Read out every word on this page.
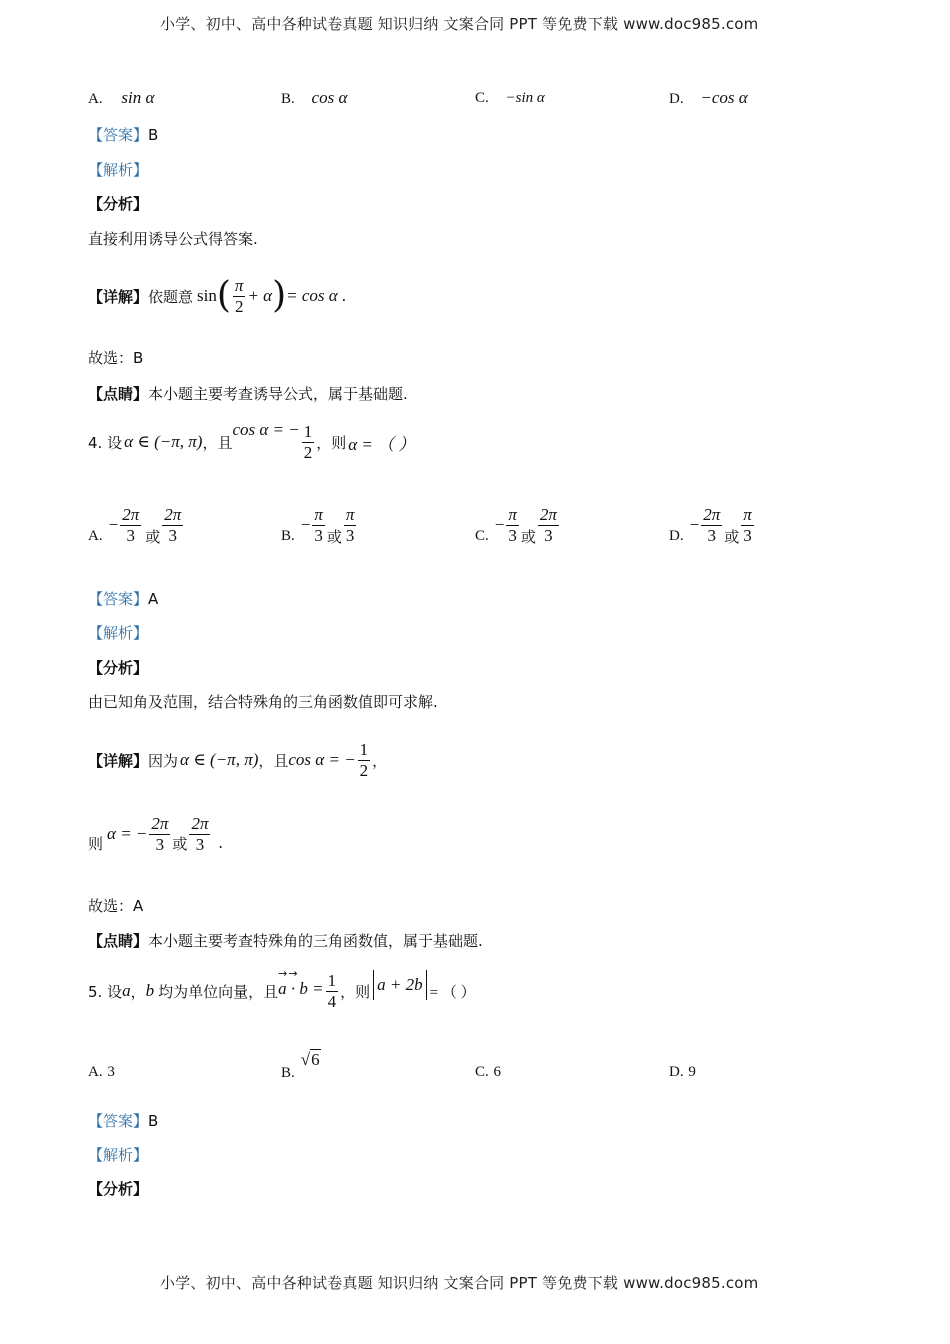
小学、初中、高中各种试卷真题 知识归纳 文案合同 PPT 等免费下载 www.doc985.com
A. sin α	B. cos α	C. −sin α	D. −cos α
【答案】B
【解析】
【分析】
直接利用诱导公式得答案.
【详解】 依题意 sin ( $\frac{\pi}{2} + \alpha$ ) = cos α .
故选：B
【点睛】本小题主要考查诱导公式，属于基础题.
4. 设 α ∈ (−π, π) ，且
cos α = − $\frac{1}{2}$ ，则 α = （ ）
A.
− $\frac{2\pi}{3}$ 或 $\frac{2\pi}{3}$	B.
− $\frac{\pi}{3}$ 或 $\frac{\pi}{3}$	C.
− $\frac{\pi}{3}$ 或 $\frac{2\pi}{3}$	D.
− $\frac{2\pi}{3}$ 或 $\frac{\pi}{3}$
【答案】A
【解析】
【分析】
由已知角及范围，结合特殊角的三角函数值即可求解.
【详解】 因为 α ∈ (−π, π) ，且 cos α = − $\frac{1}{2}$ ，
则
α = − $\frac{2\pi}{3}$ 或 $\frac{2\pi}{3}$ .
故选：A
【点睛】本小题主要考查特殊角的三角函数值，属于基础题.
5. 设 a ， b 均为单位向量，且
→→
$a \cdot b = \frac{1}{4}$ ，则 a + 2b = （ ）
A. 3	B.
√ 6
C. 6	D. 9
【答案】B
【解析】
【分析】
小学、初中、高中各种试卷真题 知识归纳 文案合同 PPT 等免费下载 www.doc985.com
